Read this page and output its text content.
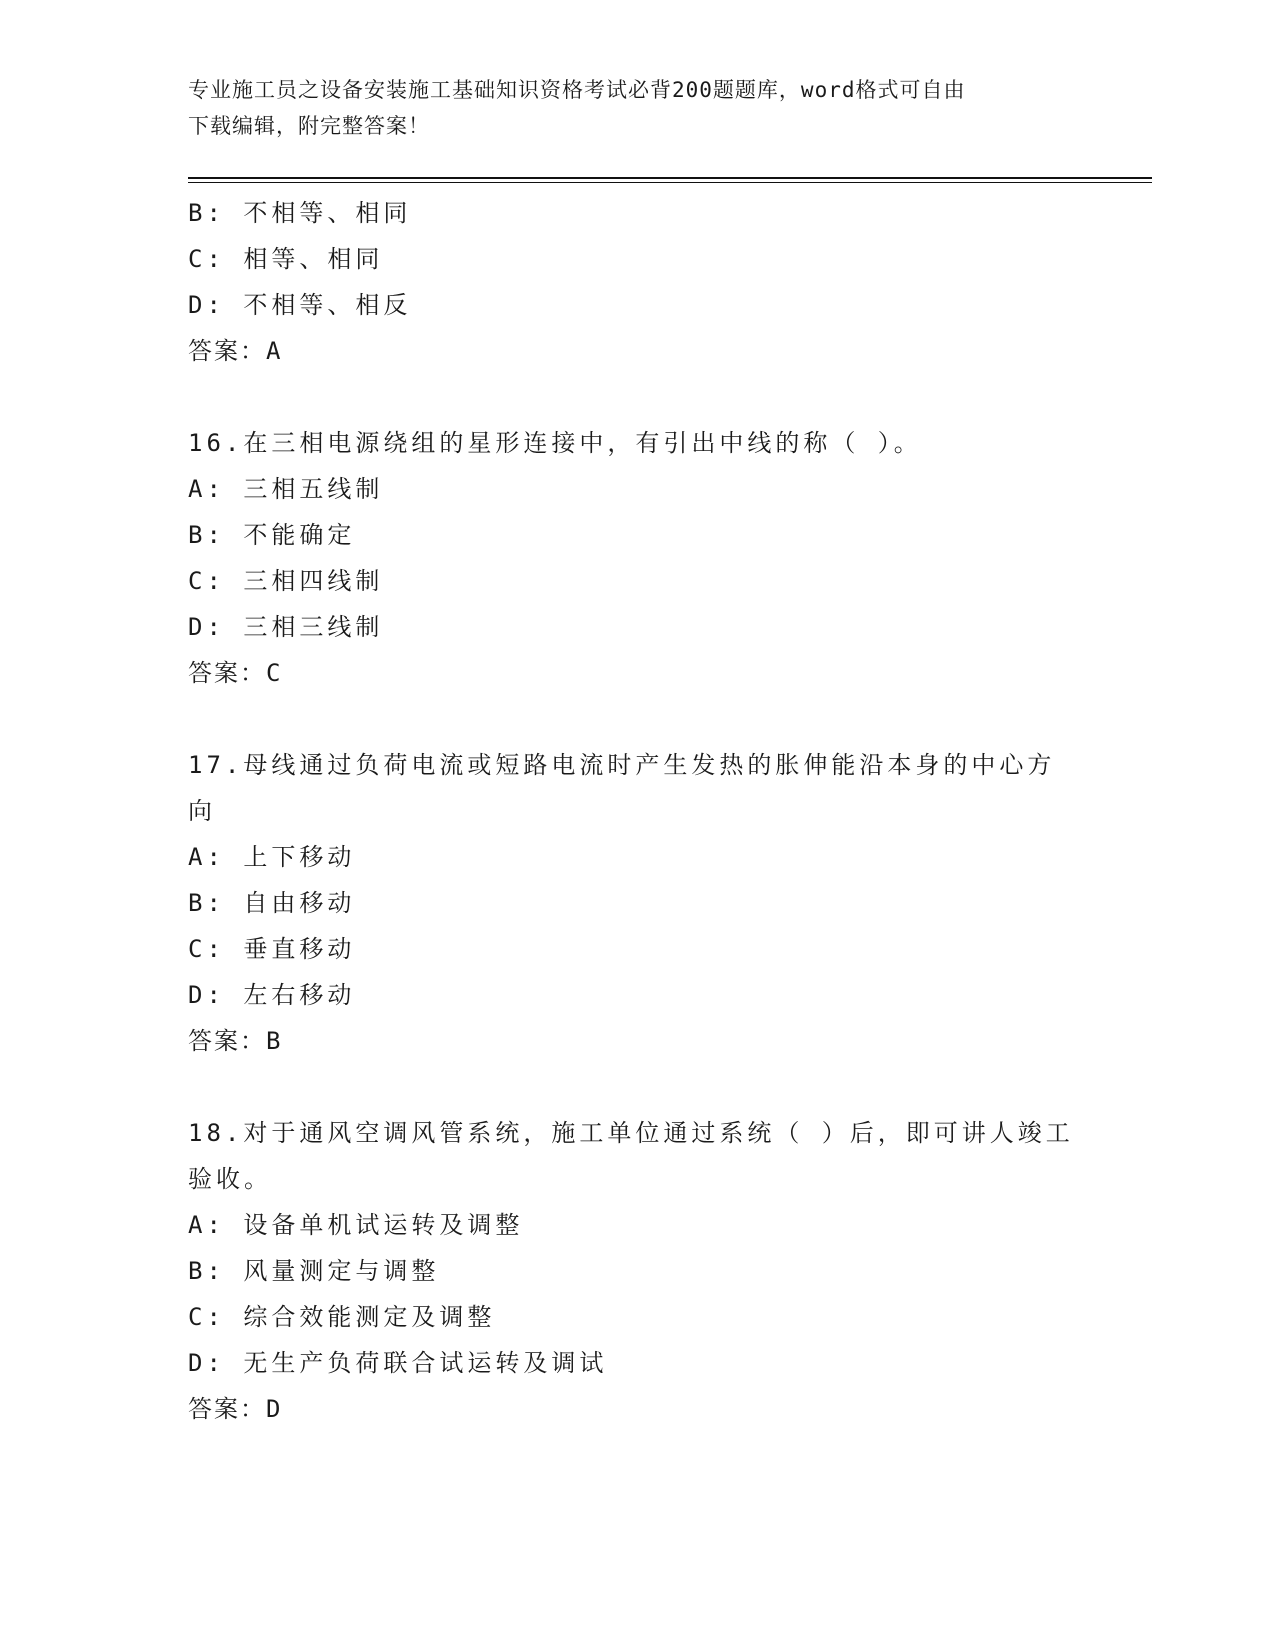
专业施工员之设备安装施工基础知识资格考试必背200题题库，word格式可自由
下载编辑，附完整答案！
B: 不相等、相同
C: 相等、相同
D: 不相等、相反
答案：A
16.在三相电源绕组的星形连接中，有引出中线的称（ ）。
A: 三相五线制
B: 不能确定
C: 三相四线制
D: 三相三线制
答案：C
17.母线通过负荷电流或短路电流时产生发热的胀伸能沿本身的中心方向
A: 上下移动
B: 自由移动
C: 垂直移动
D: 左右移动
答案：B
18.对于通风空调风管系统，施工单位通过系统（ ）后，即可讲人竣工验收。
A: 设备单机试运转及调整
B: 风量测定与调整
C: 综合效能测定及调整
D: 无生产负荷联合试运转及调试
答案：D
